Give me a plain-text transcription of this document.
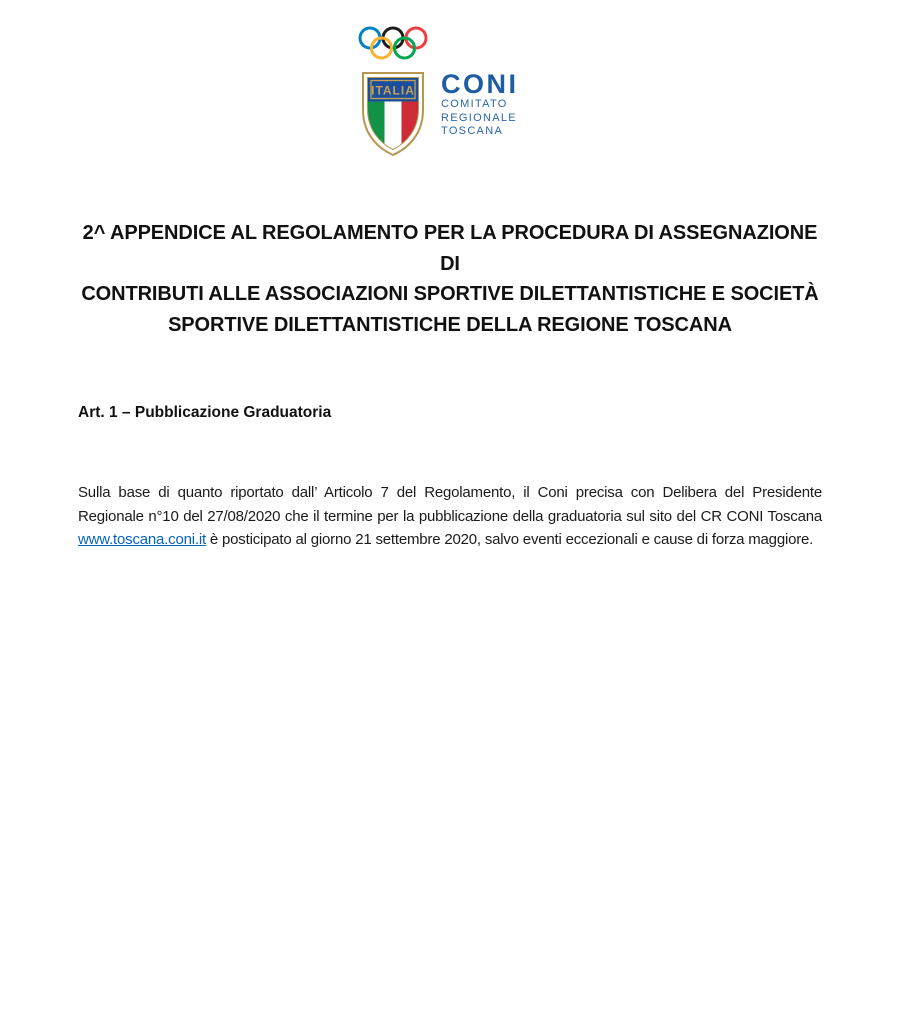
ITALIA CONI
COMITATO
REGIONALE
TOSCANA
2^ APPENDICE AL REGOLAMENTO PER LA PROCEDURA DI ASSEGNAZIONE DI
CONTRIBUTI ALLE ASSOCIAZIONI SPORTIVE DILETTANTISTICHE E SOCIETÀ
SPORTIVE DILETTANTISTICHE DELLA REGIONE TOSCANA
Art. 1 – Pubblicazione Graduatoria

Sulla base di quanto riportato dall’ Articolo 7 del Regolamento, il Coni precisa con Delibera del Presidente Regionale n°10 del 27/08/2020 che il termine per la pubblicazione della graduatoria sul sito del CR CONI Toscana www.toscana.coni.it è posticipato al giorno 21 settembre 2020, salvo eventi eccezionali e cause di forza maggiore.
